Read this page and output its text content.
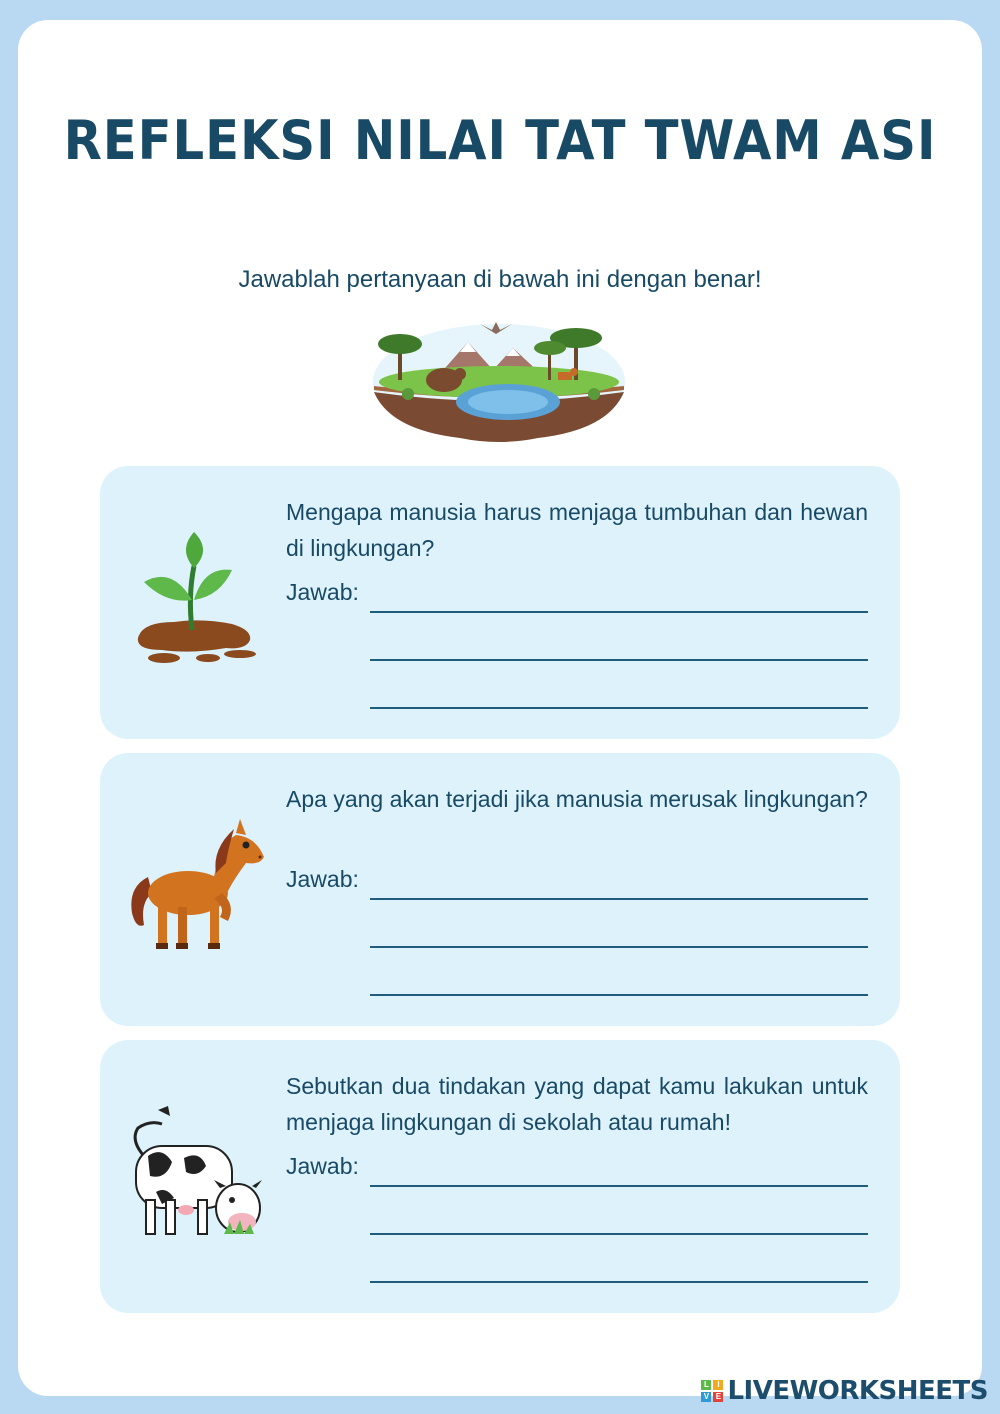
REFLEKSI NILAI TAT TWAM ASI
Jawablah pertanyaan di bawah ini dengan benar!
Mengapa manusia harus menjaga tumbuhan dan hewan di lingkungan?
Jawab:
Apa yang akan terjadi jika manusia merusak lingkungan?
Jawab:
Sebutkan dua tindakan yang dapat kamu lakukan untuk menjaga lingkungan di sekolah atau rumah!
Jawab:
L	I
V E LIVEWORKSHEETS
